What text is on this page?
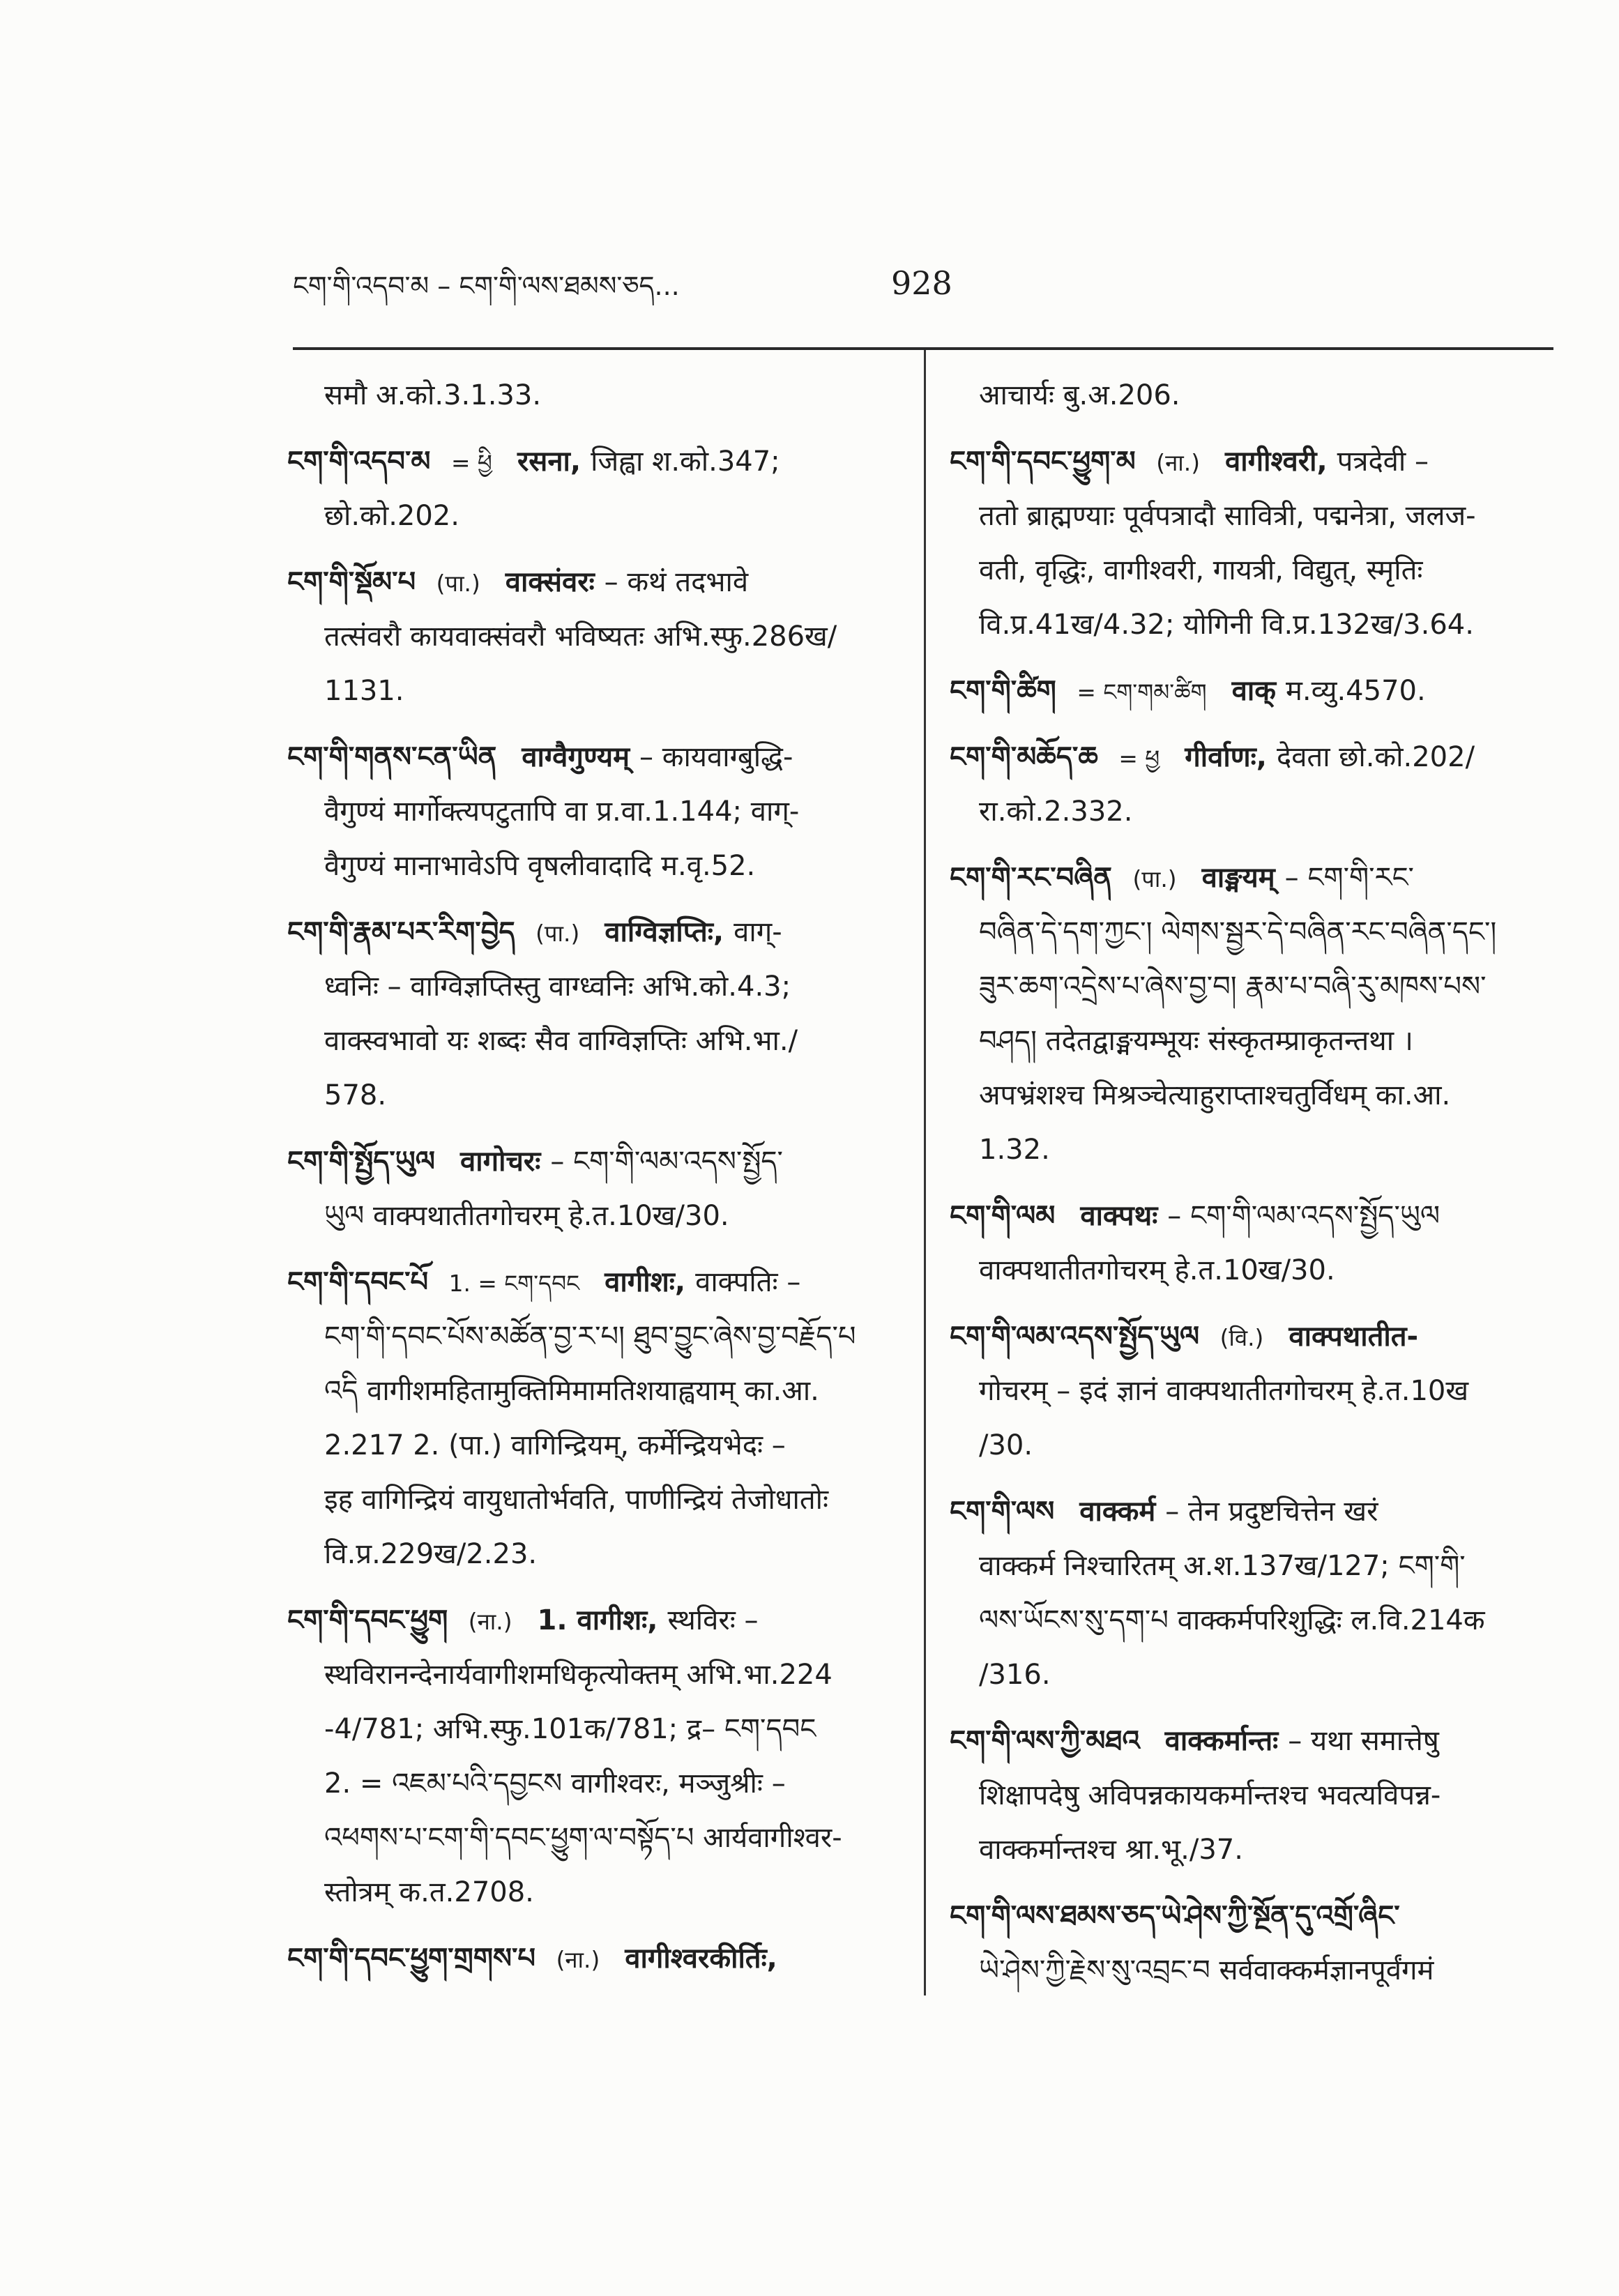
ངག་གི་འདབ་མ – ངག་གི་ལས་ཐམས་ཅད...	928
समौ अ.को.3.1.33.
ངག་གི་འདབ་མ = ཕྱི रसना, जिह्वा श.को.347;
छो.को.202.
ངག་གི་སྡོམ་པ (पा.) वाक्संवरः – कथं तदभावे
तत्संवरौ कायवाक्संवरौ भविष्यतः अभि.स्फु.286ख/
1131.
ངག་གི་གནས་ངན་ཡིན वाग्वैगुण्यम् – कायवाग्बुद्धि-
वैगुण्यं मार्गोक्त्यपटुतापि वा प्र.वा.1.144; वाग्-
वैगुण्यं मानाभावेऽपि वृषलीवादादि म.वृ.52.
ངག་གི་རྣམ་པར་རིག་བྱེད (पा.) वाग्विज्ञप्तिः, वाग्-
ध्वनिः – वाग्विज्ञप्तिस्तु वाग्ध्वनिः अभि.को.4.3;
वाक्स्वभावो यः शब्दः सैव वाग्विज्ञप्तिः अभि.भा./
578.
ངག་གི་སྤྱོད་ཡུལ वागोचरः – ངག་གི་ལམ་འདས་སྤྱོད་
ཡུལ वाक्पथातीतगोचरम् हे.त.10ख/30.
ངག་གི་དབང་པོ 1. = ངག་དབང वागीशः, वाक्पतिः –
ངག་གི་དབང་པོས་མཚོན་བྱ་ར་པ། ཐུབ་བྱུང་ཞེས་བྱ་བརྗོད་པ
འདི वागीशमहितामुक्तिमिमामतिशयाह्वयाम् का.आ.
2.217 2. (पा.) वागिन्द्रियम्, कर्मेन्द्रियभेदः –
इह वागिन्द्रियं वायुधातोर्भवति, पाणीन्द्रियं तेजोधातोः
वि.प्र.229ख/2.23.
ངག་གི་དབང་ཕྱུག (ना.) 1. वागीशः, स्थविरः –
स्थविरानन्देनार्यवागीशमधिकृत्योक्तम् अभि.भा.224
-4/781; अभि.स्फु.101क/781; द्र– ངག་དབང
2. = འཇམ་པའི་དབྱངས वागीश्वरः, मञ्जुश्रीः –
འཕགས་པ་ངག་གི་དབང་ཕྱུག་ལ་བསྟོད་པ आर्यवागीश्वर-
स्तोत्रम् क.त.2708.
ངག་གི་དབང་ཕྱུག་གྲགས་པ (ना.) वागीश्वरकीर्तिः,
आचार्यः बु.अ.206.
ངག་གི་དབང་ཕྱུག་མ (ना.) वागीश्वरी, पत्रदेवी –
ततो ब्राह्मण्याः पूर्वपत्रादौ सावित्री, पद्मनेत्रा, जलज-
वती, वृद्धिः, वागीश्वरी, गायत्री, विद्युत्, स्मृतिः
वि.प्र.41ख/4.32; योगिनी वि.प्र.132ख/3.64.
ངག་གི་ཚིག = ངག་གམ་ཚིག वाक् म.व्यु.4570.
ངག་གི་མཆོད་ཆ = ཕྱ गीर्वाणः, देवता छो.को.202/
रा.को.2.332.
ངག་གི་རང་བཞིན (पा.) वाङ्मयम् – ངག་གི་རང་
བཞིན་དེ་དག་ཀྱང་། ལེགས་སྦྱར་དེ་བཞིན་རང་བཞིན་དང་།
ཟུར་ཆག་འདྲེས་པ་ཞེས་བྱ་བ། རྣམ་པ་བཞི་རུ་མཁས་པས་
བཤད། तदेतद्वाङ्मयम्भूयः संस्कृतम्प्राकृतन्तथा ।
अपभ्रंशश्च मिश्रञ्चेत्याहुराप्ताश्चतुर्विधम् का.आ.
1.32.
ངག་གི་ལམ वाक्पथः – ངག་གི་ལམ་འདས་སྤྱོད་ཡུལ
वाक्पथातीतगोचरम् हे.त.10ख/30.
ངག་གི་ལམ་འདས་སྤྱོད་ཡུལ (वि.) वाक्पथातीत-
गोचरम् – इदं ज्ञानं वाक्पथातीतगोचरम् हे.त.10ख
/30.
ངག་གི་ལས वाक्कर्म – तेन प्रदुष्टचित्तेन खरं
वाक्कर्म निश्चारितम् अ.श.137ख/127; ངག་གི་
ལས་ཡོངས་སུ་དག་པ वाक्कर्मपरिशुद्धिः ल.वि.214क
/316.
ངག་གི་ལས་ཀྱི་མཐའ वाक्कर्मान्तः – यथा समात्तेषु
शिक्षापदेषु अविपन्नकायकर्मान्तश्च भवत्यविपन्न-
वाक्कर्मान्तश्च श्रा.भू./37.
ངག་གི་ལས་ཐམས་ཅད་ཡེ་ཤེས་ཀྱི་སྔོན་དུ་འགྲོ་ཞིང་
ཡེ་ཤེས་ཀྱི་རྗེས་སུ་འབྲང་བ सर्ववाक्कर्मज्ञानपूर्वंगमं
